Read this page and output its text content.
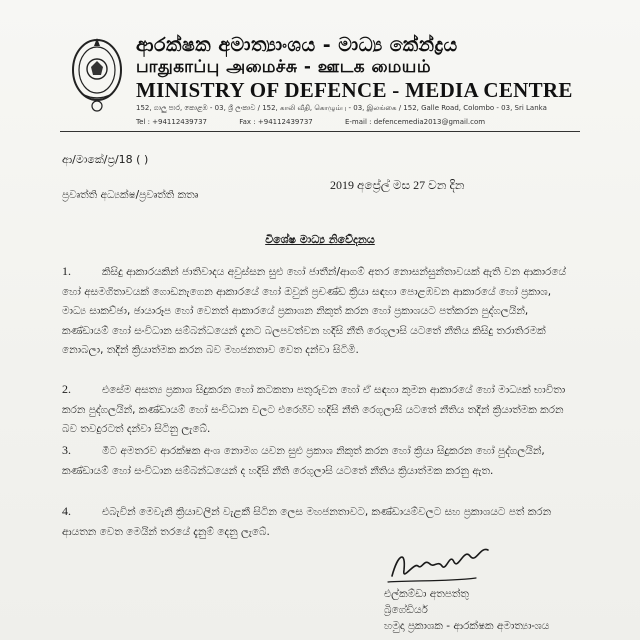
ආරක්ෂක අමාත්‍යාංශය - මාධ්‍ය කේන්ද්‍රය
பாதுகாப்பு அமைச்சு - ஊடக மையம்
MINISTRY OF DEFENCE - MEDIA CENTRE
152, ගාලු පාර, කොළඹ - 03, ශ්‍රී ලංකාව / 152, காலி வீதி, கொழும்பு - 03, இலங்கை / 152, Galle Road, Colombo - 03, Sri Lanka
Tel : +94112439737	Fax : +94112439737	E-mail : defencemedia2013@gmail.com
ආ/මාකේ/ප්‍ර/18 ( )
2019 අප්‍රේල් මස 27 වන දින
ප්‍රවෘත්ති අධ්‍යක්ෂ/ප්‍රවෘත්ති කතෘ
විශේෂ මාධ්‍ය නිවේදනය
1.	කිසිදු ආකාරයකින් ජාතිවාදය අවුස්සන සුළු හෝ ජාතීන්/ආගම් අතර නොසන්සුන්තාවයක් ඇති වන ආකාරයේ හෝ අසමගිතාවයක් ගොඩනැගෙන ආකාරයේ හෝ ඔවුන් ප්‍රචණ්ඩ ක්‍රියා සඳහා පොළඹවන ආකාරයේ හෝ ප්‍රකාශ, මාධ්‍ය සාකච්ඡා, ඡායාරූප හෝ වෙනත් ආකාරයේ ප්‍රකාශන නිකුත් කරන හෝ ප්‍රකාශයට පත්කරන පුද්ගලයින්, කණ්ඩායම් හෝ සංවිධාන සම්බන්ධයෙන් දැනට බලපවත්වන හදිසි නීති රෙගුලාසි යටතේ නීතිය කිසිදු තරාතිරමක් නොබලා, තදින් ක්‍රියාත්මක කරන බව මහජනතාව වෙත දන්වා සිටිමි.
2.	එසේම අසත්‍ය ප්‍රකාශ සිදුකරන හෝ කටකතා පතුරුවන හෝ ඒ සඳහා කුමන ආකාරයේ හෝ මාධ්‍යක් භාවිතා කරන පුද්ගලයින්, කණ්ඩායම් හෝ සංවිධාන වලට එරෙහිව හදිසි නීති රෙගුලාසි යටතේ නීතිය තදින් ක්‍රියාත්මක කරන බව තවදුරටත් දන්වා සිටිනු ලැබේ.
3.	මීට අමතරව ආරක්ෂක අංශ නොමග යවන සුළු ප්‍රකාශ නිකුත් කරන හෝ ක්‍රියා සිදුකරන හෝ පුද්ගලයින්, කණ්ඩායම් හෝ සංවිධාන සම්බන්ධයෙන් ද හදිසි නීති රෙගුලාසි යටතේ නීතිය ක්‍රියාත්මක කරනු ඇත.
4.	එබැවින් මෙවැනි ක්‍රියාවලින් වැළකී සිටින ලෙස මහජනතාවට, කණ්ඩායම්වලට සහ ප්‍රකාශයට පත් කරන ආයතන වෙත මෙයින් තරයේ දැනුම් දෙනු ලැබේ.
එල්කම්ඩා අතපත්තු
බ්‍රිගේඩියර්
හමුදා ප්‍රකාශක - ආරක්ෂක අමාත්‍යාංශය
